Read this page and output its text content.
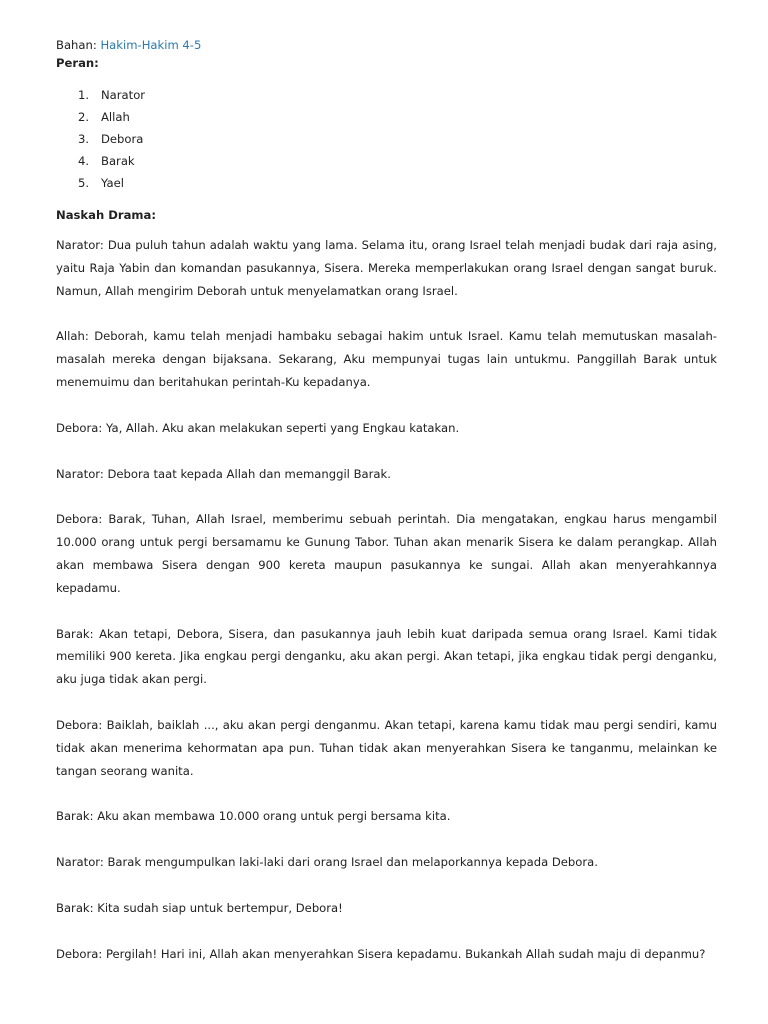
Bahan: Hakim-Hakim 4-5

Peran:

1.	Narator
2.	Allah
3.	Debora
4.	Barak
5.	Yael

Naskah Drama:

Narator: Dua puluh tahun adalah waktu yang lama. Selama itu, orang Israel telah menjadi budak dari raja asing, yaitu Raja Yabin dan komandan pasukannya, Sisera. Mereka memperlakukan orang Israel dengan sangat buruk. Namun, Allah mengirim Deborah untuk menyelamatkan orang Israel.

Allah: Deborah, kamu telah menjadi hambaku sebagai hakim untuk Israel. Kamu telah memutuskan masalah-masalah mereka dengan bijaksana. Sekarang, Aku mempunyai tugas lain untukmu. Panggillah Barak untuk menemuimu dan beritahukan perintah-Ku kepadanya.

Debora: Ya, Allah. Aku akan melakukan seperti yang Engkau katakan.

Narator: Debora taat kepada Allah dan memanggil Barak.

Debora: Barak, Tuhan, Allah Israel, memberimu sebuah perintah. Dia mengatakan, engkau harus mengambil 10.000 orang untuk pergi bersamamu ke Gunung Tabor. Tuhan akan menarik Sisera ke dalam perangkap. Allah akan membawa Sisera dengan 900 kereta maupun pasukannya ke sungai. Allah akan menyerahkannya kepadamu.

Barak: Akan tetapi, Debora, Sisera, dan pasukannya jauh lebih kuat daripada semua orang Israel. Kami tidak memiliki 900 kereta. Jika engkau pergi denganku, aku akan pergi. Akan tetapi, jika engkau tidak pergi denganku, aku juga tidak akan pergi.

Debora: Baiklah, baiklah ..., aku akan pergi denganmu. Akan tetapi, karena kamu tidak mau pergi sendiri, kamu tidak akan menerima kehormatan apa pun. Tuhan tidak akan menyerahkan Sisera ke tanganmu, melainkan ke tangan seorang wanita.

Barak: Aku akan membawa 10.000 orang untuk pergi bersama kita.

Narator: Barak mengumpulkan laki-laki dari orang Israel dan melaporkannya kepada Debora.

Barak: Kita sudah siap untuk bertempur, Debora!

Debora: Pergilah! Hari ini, Allah akan menyerahkan Sisera kepadamu. Bukankah Allah sudah maju di depanmu?
